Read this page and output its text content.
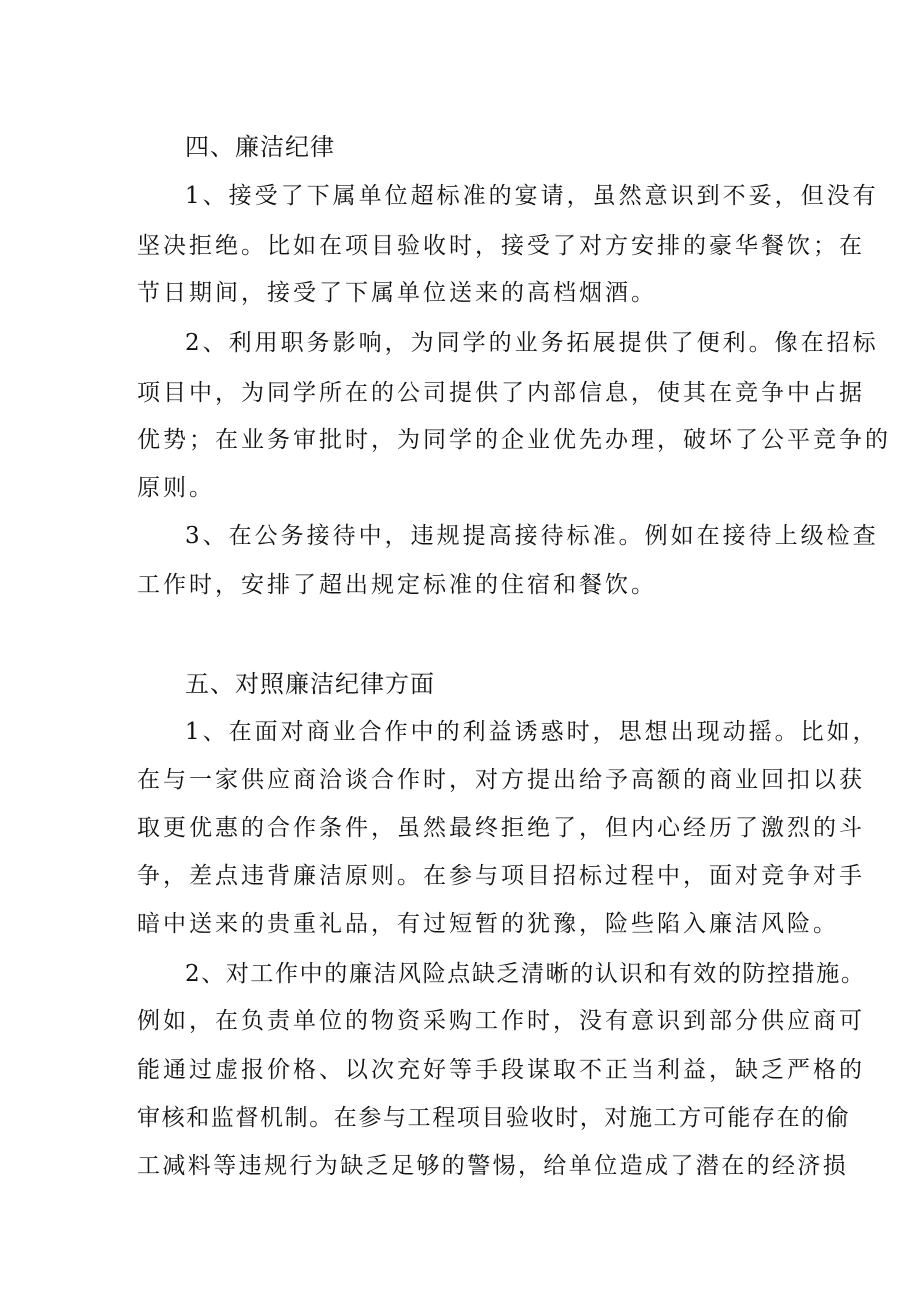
四、廉洁纪律
1、接受了下属单位超标准的宴请，虽然意识到不妥，但没有
坚决拒绝。比如在项目验收时，接受了对方安排的豪华餐饮；在
节日期间，接受了下属单位送来的高档烟酒。
2、利用职务影响，为同学的业务拓展提供了便利。像在招标
项目中，为同学所在的公司提供了内部信息，使其在竞争中占据
优势；在业务审批时，为同学的企业优先办理，破坏了公平竞争的
原则。
3、在公务接待中，违规提高接待标准。例如在接待上级检查
工作时，安排了超出规定标准的住宿和餐饮。
五、对照廉洁纪律方面
1、在面对商业合作中的利益诱惑时，思想出现动摇。比如，
在与一家供应商洽谈合作时，对方提出给予高额的商业回扣以获
取更优惠的合作条件，虽然最终拒绝了，但内心经历了激烈的斗
争，差点违背廉洁原则。在参与项目招标过程中，面对竞争对手
暗中送来的贵重礼品，有过短暂的犹豫，险些陷入廉洁风险。
2、对工作中的廉洁风险点缺乏清晰的认识和有效的防控措施。
例如，在负责单位的物资采购工作时，没有意识到部分供应商可
能通过虚报价格、以次充好等手段谋取不正当利益，缺乏严格的
审核和监督机制。在参与工程项目验收时，对施工方可能存在的偷
工减料等违规行为缺乏足够的警惕，给单位造成了潜在的经济损
